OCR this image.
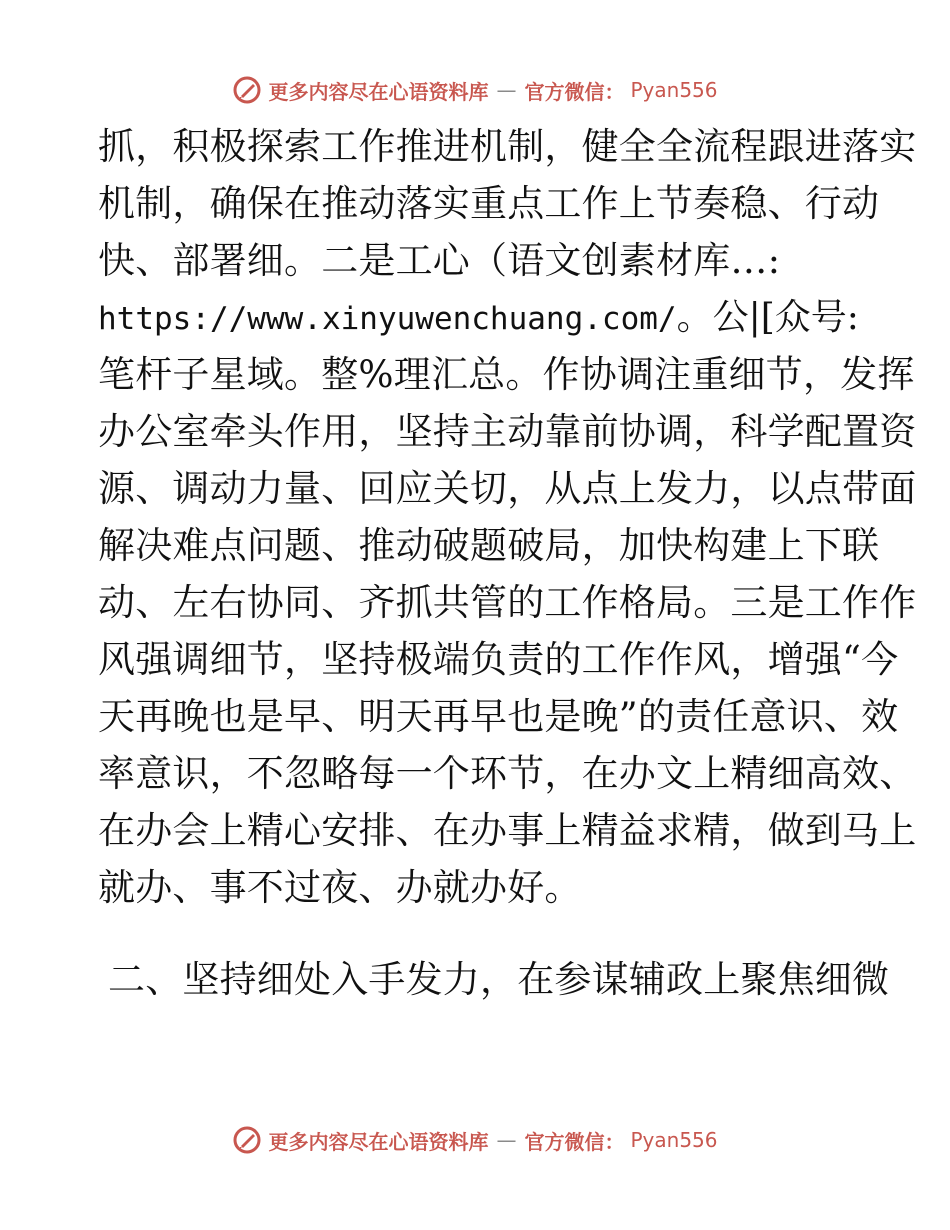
更多内容尽在心语资料库 — 官方微信： Pyan556
抓，积极探索工作推进机制，健全全流程跟进落实
机制，确保在推动落实重点工作上节奏稳、行动
快、部署细。二是工心（语文创素材库…:
https://www.xinyuwenchuang.com/。公|[众号:
笔杆子星域。整%理汇总。作协调注重细节，发挥
办公室牵头作用，坚持主动靠前协调，科学配置资
源、调动力量、回应关切，从点上发力，以点带面
解决难点问题、推动破题破局，加快构建上下联
动、左右协同、齐抓共管的工作格局。三是工作作
风强调细节，坚持极端负责的工作作风，增强“今
天再晚也是早、明天再早也是晚”的责任意识、效
率意识，不忽略每一个环节，在办文上精细高效、
在办会上精心安排、在办事上精益求精，做到马上
就办、事不过夜、办就办好。
二、坚持细处入手发力，在参谋辅政上聚焦细微
更多内容尽在心语资料库 — 官方微信： Pyan556
